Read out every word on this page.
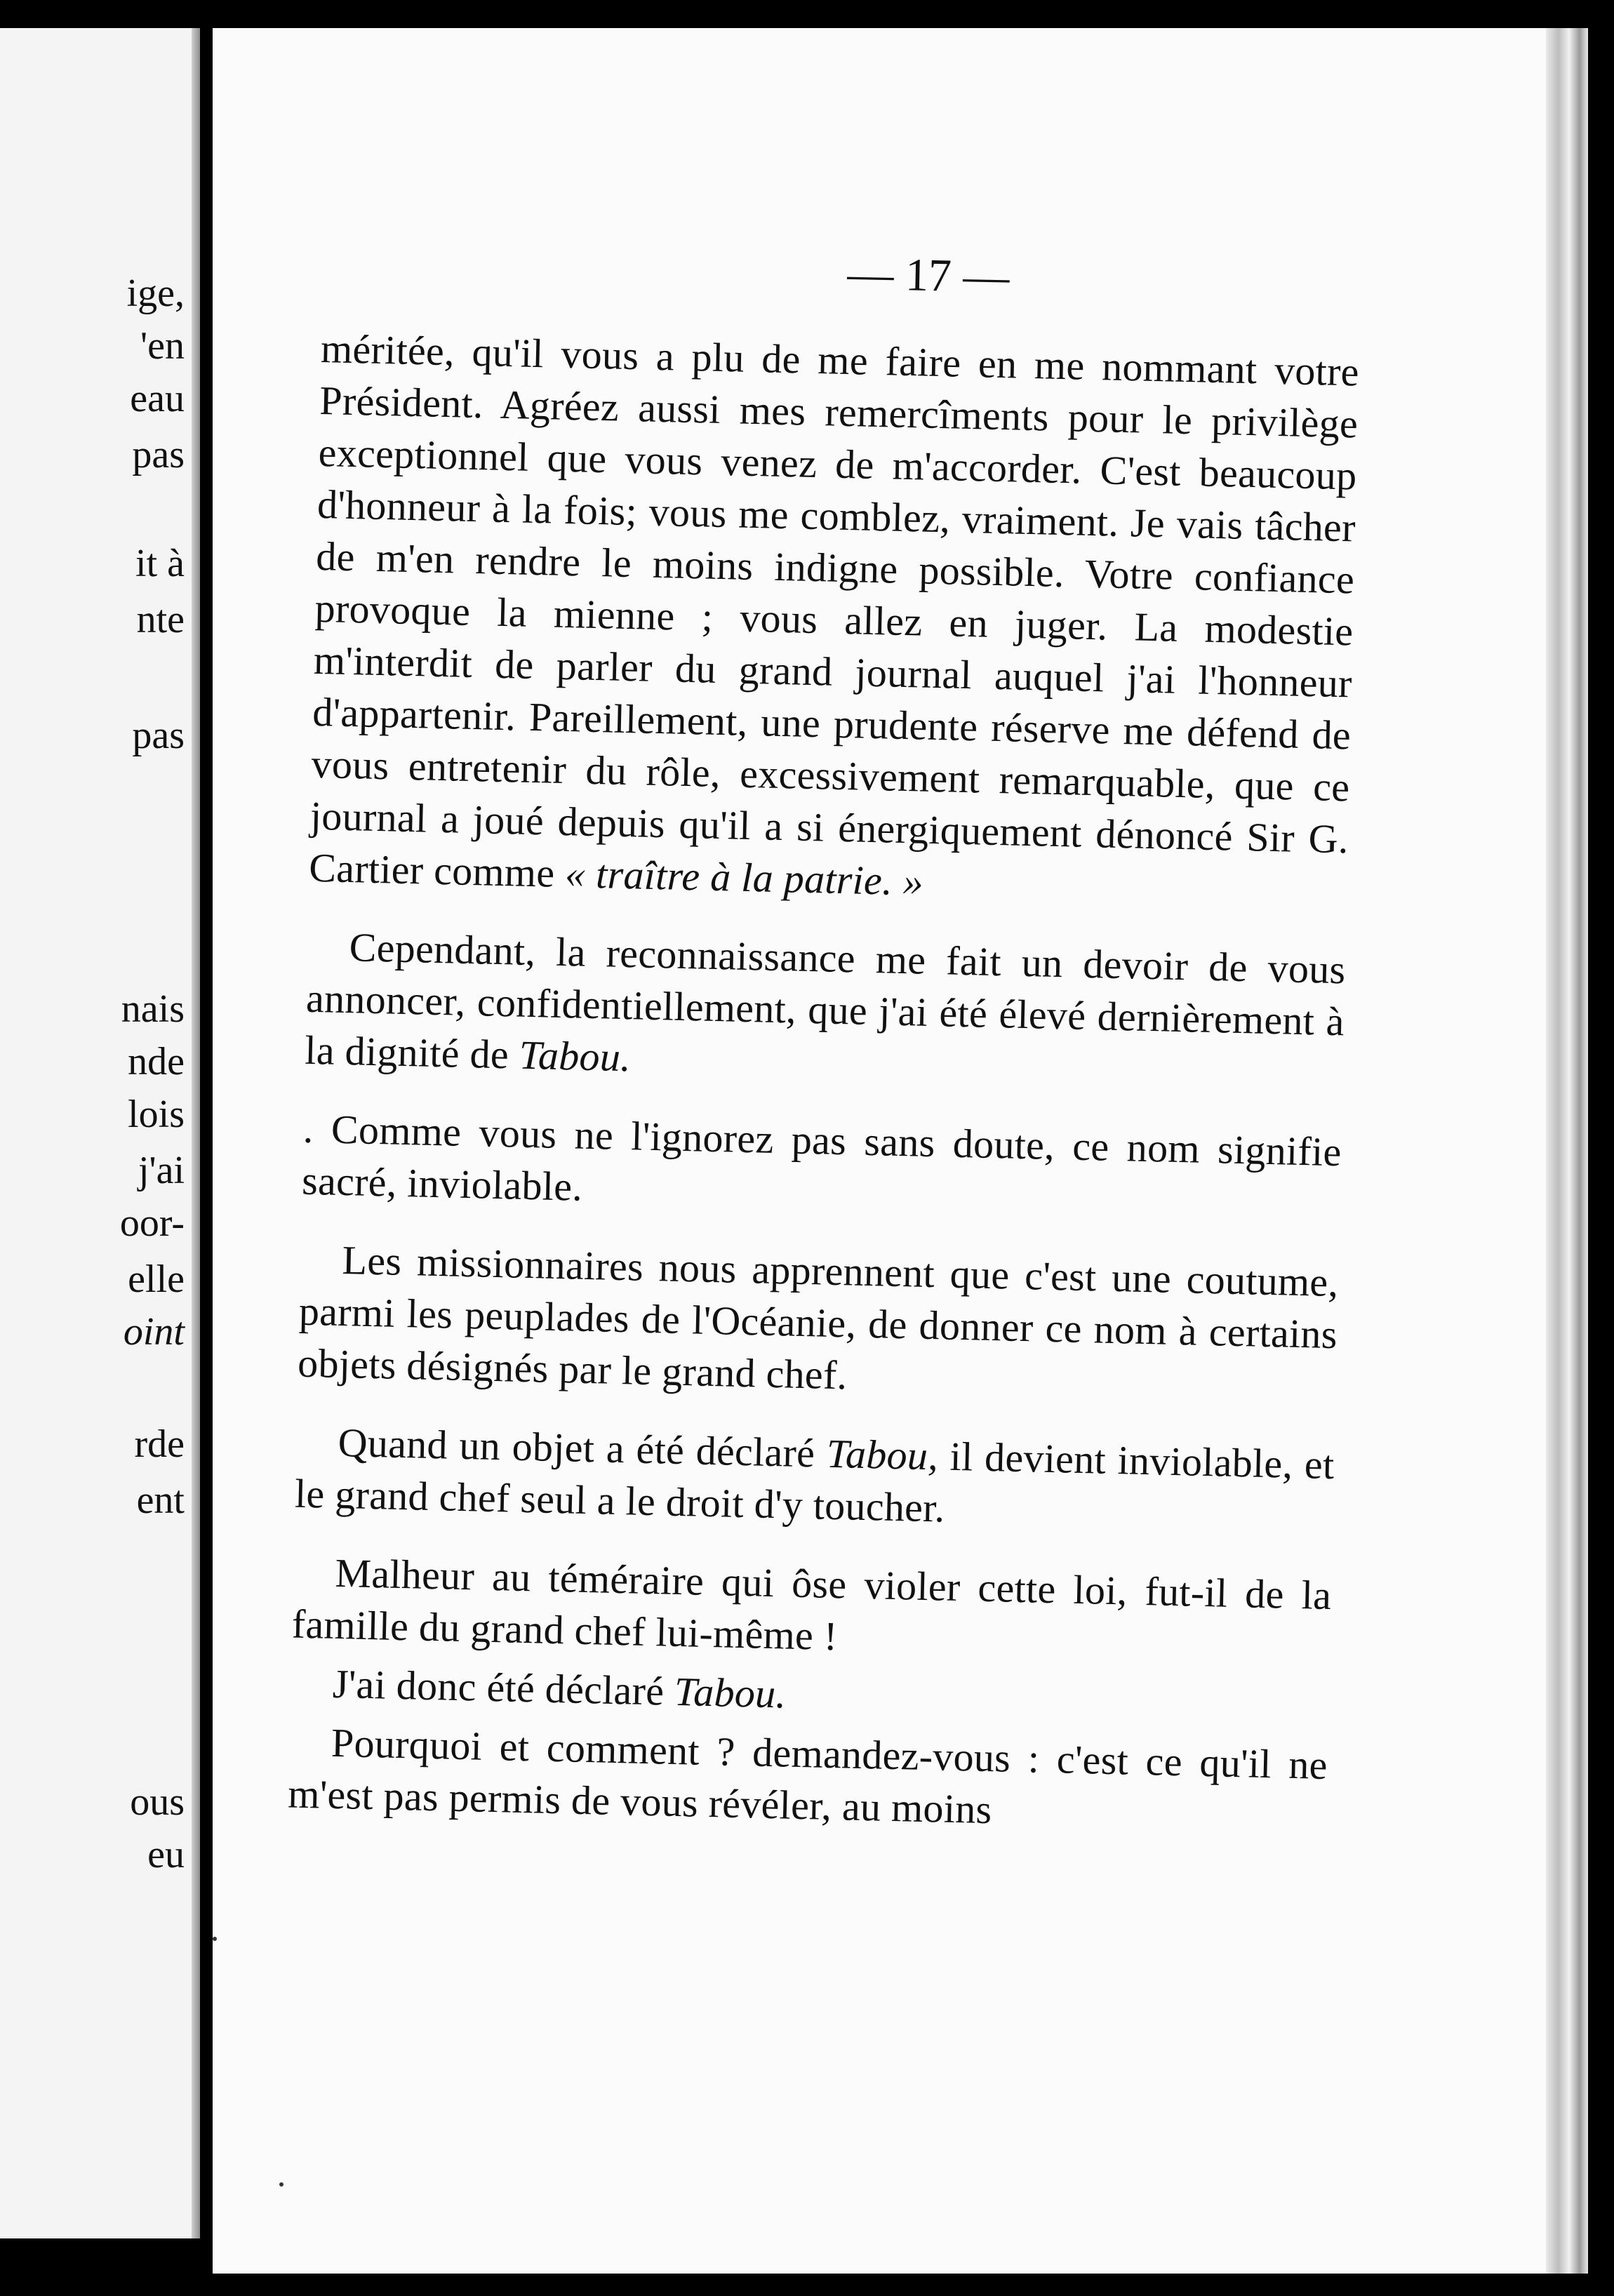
ige,
'en
eau
pas
it à
nte
pas
nais
nde
lois
j'ai
oor-
elle
oint
rde
ent
ous
eu
— 17 —

méritée, qu'il vous a plu de me faire en me nommant votre Président. Agréez aussi mes remercîments pour le privilège exceptionnel que vous venez de m'accorder. C'est beaucoup d'honneur à la fois; vous me comblez, vraiment. Je vais tâcher de m'en rendre le moins indigne possible. Votre confiance provoque la mienne ; vous allez en juger. La modestie m'interdit de parler du grand journal auquel j'ai l'honneur d'appartenir. Pareillement, une prudente réserve me défend de vous entretenir du rôle, excessivement remarquable, que ce journal a joué depuis qu'il a si énergiquement dénoncé Sir G. Cartier comme « traître à la patrie. »

Cependant, la reconnaissance me fait un devoir de vous annoncer, confidentiellement, que j'ai été élevé dernièrement à la dignité de Tabou.

. Comme vous ne l'ignorez pas sans doute, ce nom signifie sacré, inviolable.

Les missionnaires nous apprennent que c'est une coutume, parmi les peuplades de l'Océanie, de donner ce nom à certains objets désignés par le grand chef.

Quand un objet a été déclaré Tabou, il devient inviolable, et le grand chef seul a le droit d'y toucher.

Malheur au téméraire qui ôse violer cette loi, fut-il de la famille du grand chef lui-même !

J'ai donc été déclaré Tabou.

Pourquoi et comment ? demandez-vous : c'est ce qu'il ne m'est pas permis de vous révéler, au moins
